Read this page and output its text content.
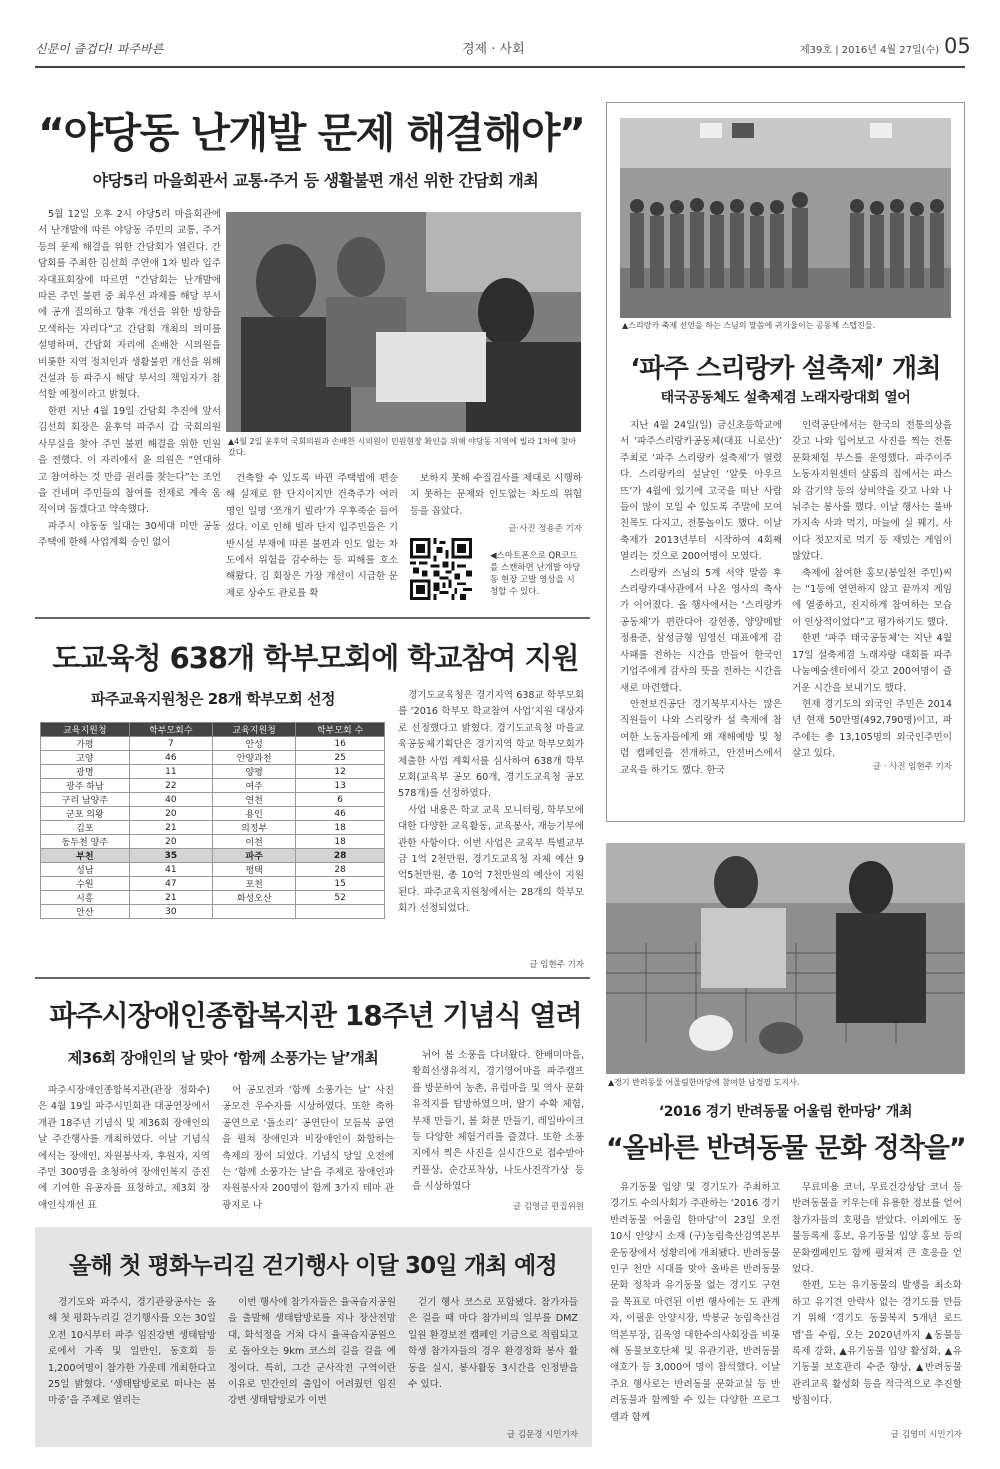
신문이 즐겁다! 파주바른	경제 · 사회	제39호 | 2016년 4월 27일(수) 05
“야당동 난개발 문제 해결해야”
야당5리 마을회관서 교통·주거 등 생활불편 개선 위한 간담회 개최

5월 12일 오후 2시 야당5리 마을회관에서 난개발에 따른 야당동 주민의 교통, 주거 등의 문제 해결을 위한 간담회가 열린다. 간담회를 주최한 김선희 주연애 1차 빌라 입주자대표회장에 따르면 “간담회는 난개발에 따른 주민 불편 중 최우선 과제를 해당 부서에 공개 질의하고 향후 개선을 위한 방향을 모색하는 자리다”고 간담회 개최의 의미를 설명하며, 간담회 자리에 손배찬 시의원을 비롯한 지역 정치인과 생활불편 개선을 위해 건설과 등 파주시 해당 부서의 책임자가 참석할 예정이라고 밝혔다.

한편 지난 4월 19일 간담회 추진에 앞서 김선희 회장은 윤후덕 파주시 갑 국회의원 사무실을 찾아 주민 불편 해결을 위한 민원을 전했다. 이 자리에서 윤 의원은 “연대하고 참여하는 것 만큼 권리를 찾는다”는 조언을 건네며 주민들의 참여를 전제로 계속 움직이며 돕겠다고 약속했다.

파주시 야동동 일대는 30세대 미만 공동주택에 한해 사업계획 승인 없이

▲4월 2일 윤후덕 국회의원과 손배찬 시의원이 민원현장 확인을 위해 야당동 지역에 빌라 1차에 찾아갔다.

건축할 수 있도록 바뀐 주택법에 편승해 실제로 한 단지이지만 건축주가 여러 명인 일명 ‘쪼개기 빌라’가 우후죽순 들어섰다. 이로 인해 빌라 단지 입주민들은 기반시설 부재에 따른 불편과 인도 없는 차도에서 위험을 감수하는 등 피해를 호소해왔다. 김 회장은 가장 개선이 시급한 문제로 상수도 관로를 확

보하지 못해 수질검사를 제대로 시행하지 못하는 문제와 인도없는 차도의 위험 등을 꼽았다.

글·사진 정용준 기자
◀스마트폰으로 QR코드를 스캔하면 난개발 야당동 현장 고발 영상을 시청할 수 있다.
도교육청 638개 학부모회에 학교참여 지원
파주교육지원청은 28개 학부모회 선정
교육지원청	학부모회수	교육지원청	학부모회 수
가평	7	안성	16
고양	46	안양과천	25
광명	11	양평	12
광주 하남	22	여주	13
구리 남양주	40	연천	6
군포 의왕	20	용인	46
김포	21	의정부	18
동두천 양주	20	이천	18
부천	35	파주	28
성남	41	평택	28
수원	47	포천	15
시흥	21	화성오산	52
안산	30		

경기도교육청은 경기지역 638교 학부모회를 ‘2016 학부모 학교참여 사업’지원 대상자로 선정했다고 밝혔다. 경기도교육청 마을교육공동체기획단은 경기지역 학교 학부모회가 제출한 사업 계획서를 심사하여 638개 학부모회(교육부 공모 60개, 경기도교육청 공모 578개)를 선정하였다.

사업 내용은 학교 교육 모니터링, 학부모에 대한 다양한 교육활동, 교육봉사, 재능기부에 관한 사항이다. 이번 사업은 교육부 특별교부금 1억 2천만원, 경기도교육청 자체 예산 9억5천만원, 총 10억 7천만원의 예산이 지원된다. 파주교육지원청에서는 28개의 학부모회가 선정되었다.

글 임현주 기자
파주시장애인종합복지관 18주년 기념식 열려
제36회 장애인의 날 맞아 ‘함께 소풍가는 날’개최

파주시장애인종합복지관(관장 정화수)은 4월 19일 파주시민회관 대공연장에서 개관 18주년 기념식 및 제36회 장애인의 날 주간행사를 개최하였다. 이날 기념식에서는 장애인, 자원봉사자, 후원자, 지역주민 300명을 초청하여 장애인복지 증진에 기여한 유공자를 표창하고, 제3회 장애인식개선 표

어 공모전과 ‘함께 소풍가는 날’ 사진 공모전 우수자를 시상하였다. 또한 축하공연으로 ‘돌소리’ 공연단이 모듬북 공연을 펼쳐 장애인과 비장애인이 화합하는 축제의 장이 되었다. 기념식 당일 오전에는 ‘함께 소풍가는 날’을 주제로 장애인과 자원봉사자 200명이 함께 3가지 테마 관광지로 나

뉘어 봄 소풍을 다녀왔다. 한배미마을, 황희선생유적지, 경기영어마을 파주캠프를 방문하여 농촌, 유럽마을 및 역사 문화 유적지를 탐방하였으며, 딸기 수확 체험, 부채 만들기, 봄 화분 만들기, 레일바이크 등 다양한 체험거리를 즐겼다. 또한 소풍지에서 찍은 사진을 실시간으로 접수받아 커플상, 순간포착상, 나도사진작가상 등을 시상하였다

글 김영금 편집위원
올해 첫 평화누리길 걷기행사 이달 30일 개최 예정

경기도와 파주시, 경기관광공사는 올해 첫 평화누리길 걷기행사를 오는 30일 오전 10시부터 파주 임진강변 생태탐방로에서 가족 및 일반인, 동호회 등 1,200여명이 참가한 가운데 개최한다고 25일 밝혔다. ‘생태탐방로로 떠나는 봄 마중’을 주제로 열리는

이번 행사에 참가자들은 율곡습지공원을 출발해 생태탐방로를 지나 장산전망대, 화석정을 거쳐 다시 율곡습지공원으로 돌아오는 9km 코스의 길을 걸을 예정이다. 특히, 그간 군사작전 구역이란 이유로 민간인의 출입이 어려웠던 임진강변 생태탐방로가 이번

걷기 행사 코스로 포함됐다. 참가자들은 걸을 때 마다 참가비의 일부를 DMZ일원 환경보전 캠페인 기금으로 적립되고 학생 참가자들의 경우 환경정화 봉사 활동을 실시, 봉사활동 3시간을 인정받을 수 있다.

글 김문경 시민기자
▲스리랑카 축제 선언을 하는 스님의 말씀에 귀기울이는 공동체 스텝진들.
‘파주 스리랑카 설축제’ 개최
태국공동체도 설축제겸 노래자랑대회 열어

지난 4월 24일(일) 금신초등학교에서 ‘파주스리랑카공동체(대표 니로산)’ 주최로 ‘파주 스리랑카 설축제’가 열렸다. 스리랑카의 설날인 ‘알룻 아우르뜨’가 4월에 있기에 고국을 떠난 사람들이 많이 모일 수 있도록 주말에 모여 친목도 다지고, 전통놀이도 했다. 이날 축제가 2013년부터 시작하여 4회째 열리는 것으로 200여명이 모였다.

스리랑카 스님의 5계 서약 말씀 후 스리랑카대사관에서 나온 영사의 축사가 이어졌다. 올 행사에서는 ‘스리랑카공동체’가 편란다아 강현종, 양양메탈 정용준, 삼성금형 임영신 대표에게 감사패를 전하는 시간을 만들어 한국인 기업주에게 감사의 뜻을 전하는 시간을 새로 마련했다.

안전보건공단 경기북부지사는 많은 직원들이 나와 스리랑카 설 축제에 참여한 노동자들에게 왜 재해예방 및 청렴 캠페인을 전개하고, 안전버스에서 교육을 하기도 했다. 한국

인력공단에서는 한국의 전통의상을 갖고 나와 입어보고 사진을 찍는 전통문화체험 부스를 운영했다. 파주이주노동자지원센터 샬롬의 집에서는 파스와 감기약 등의 상비약을 갖고 나와 나눠주는 봉사를 했다. 이날 행사는 풀바가지속 사과 먹기, 마늘에 실 꿰기, 사이다 젓꼬지로 먹기 등 재밌는 게임이 많았다.

축제에 참여한 홍모(봉일천 주민)씨는 “1등에 연연하지 않고 끝까지 게임에 열중하고, 진지하게 참여하는 모습이 인상적이었다”고 평가하기도 했다.

한편 ‘파주 태국공동체’는 지난 4월 17일 설축제겸 노래자랑 대회를 파주나눔예술센터에서 갖고 200여명이 즐거운 시간을 보내기도 했다.

현재 경기도의 외국인 주민은 2014년 현재 50만명(492,790명)이고, 파주에는 총 13,105명의 외국인주민이 살고 있다.

글 · 사진 임현주 기자
▲경기 반려동물 어울림한마당에 참여한 남경필 도지사.
‘2016 경기 반려동물 어울림 한마당’ 개최
“올바른 반려동물 문화 정착을”

유기동물 입양 및 경기도가 주최하고 경기도 수의사회가 주관하는 ‘2016 경기 반려동물 어울림 한마당’이 23일 오전 10시 안양시 소재 (구)농림축산검역본부 운동장에서 성황리에 개최됐다. 반려동물 인구 천만 시대를 맞아 올바른 반려동물 문화 정착과 유기동물 없는 경기도 구현을 목표로 마련된 이번 행사에는 도 관계자, 이필운 안양시장, 박봉균 농림축산검역본부장, 김옥영 대한수의사회장을 비롯해 동물보호단체 및 유관기관, 반려동물 애호가 등 3,000여 명이 참석했다. 이날 주요 행사로는 반려동물 문화교실 등 반려동물과 함께할 수 있는 다양한 프로그램과 함께

무료미용 코너, 무료건강상담 코너 등 반려동물을 키우는데 유용한 정보를 얻어 참가자들의 호평을 받았다. 이외에도 동물등록제 홍보, 유기동물 입양 홍보 등의 문화캠페인도 함께 펼쳐져 큰 호응을 얻었다.

한편, 도는 유기동물의 발생을 최소화하고 유기견 안락사 없는 경기도를 만들기 위해 ‘경기도 동물복지 5개년 로드맵’을 수립, 오는 2020년까지 ▲동물등록제 강화, ▲유기동물 입양 활성화, ▲유기동물 보호관리 수준 향상, ▲반려동물 관리교육 활성화 등을 적극적으로 추진할 방침이다.

글 김영미 시민기자
